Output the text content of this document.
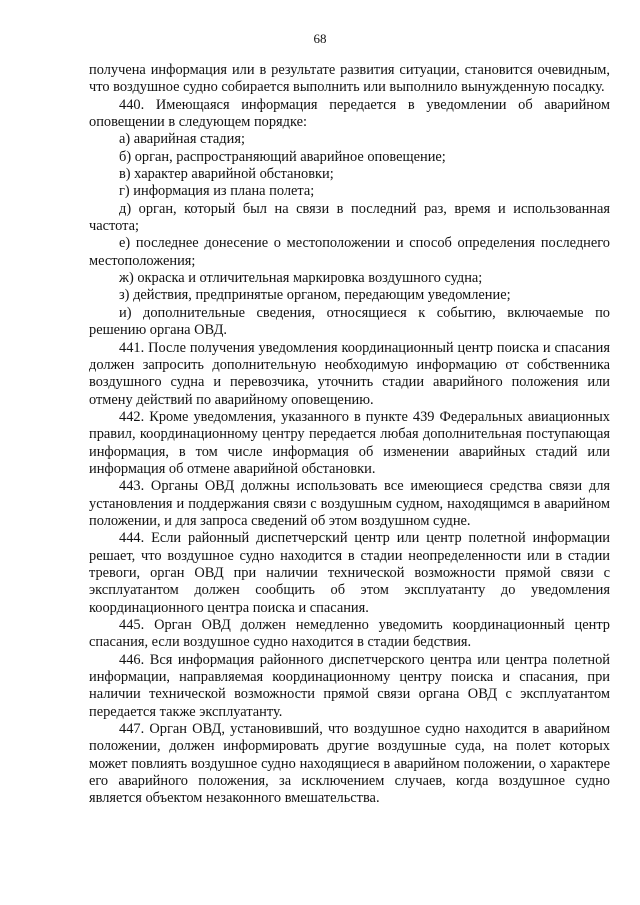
68

получена информация или в результате развития ситуации, становится очевидным, что воздушное судно собирается выполнить или выполнило вынужденную посадку.

440. Имеющаяся информация передается в уведомлении об аварийном оповещении в следующем порядке:

а) аварийная стадия;

б) орган, распространяющий аварийное оповещение;

в) характер аварийной обстановки;

г) информация из плана полета;

д) орган, который был на связи в последний раз, время и использованная частота;

е) последнее донесение о местоположении и способ определения последнего местоположения;

ж) окраска и отличительная маркировка воздушного судна;

з) действия, предпринятые органом, передающим уведомление;

и) дополнительные сведения, относящиеся к событию, включаемые по решению органа ОВД.

441. После получения уведомления координационный центр поиска и спасания должен запросить дополнительную необходимую информацию от собственника воздушного судна и перевозчика, уточнить стадии аварийного положения или отмену действий по аварийному оповещению.

442. Кроме уведомления, указанного в пункте 439 Федеральных авиационных правил, координационному центру передается любая дополнительная поступающая информация, в том числе информация об изменении аварийных стадий или информация об отмене аварийной обстановки.

443. Органы ОВД должны использовать все имеющиеся средства связи для установления и поддержания связи с воздушным судном, находящимся в аварийном положении, и для запроса сведений об этом воздушном судне.

444. Если районный диспетчерский центр или центр полетной информации решает, что воздушное судно находится в стадии неопределенности или в стадии тревоги, орган ОВД при наличии технической возможности прямой связи с эксплуатантом должен сообщить об этом эксплуатанту до уведомления координационного центра поиска и спасания.

445. Орган ОВД должен немедленно уведомить координационный центр спасания, если воздушное судно находится в стадии бедствия.

446. Вся информация районного диспетчерского центра или центра полетной информации, направляемая координационному центру поиска и спасания, при наличии технической возможности прямой связи органа ОВД с эксплуатантом передается также эксплуатанту.

447. Орган ОВД, установивший, что воздушное судно находится в аварийном положении, должен информировать другие воздушные суда, на полет которых может повлиять воздушное судно находящиеся в аварийном положении, о характере его аварийного положения, за исключением случаев, когда воздушное судно является объектом незаконного вмешательства.
